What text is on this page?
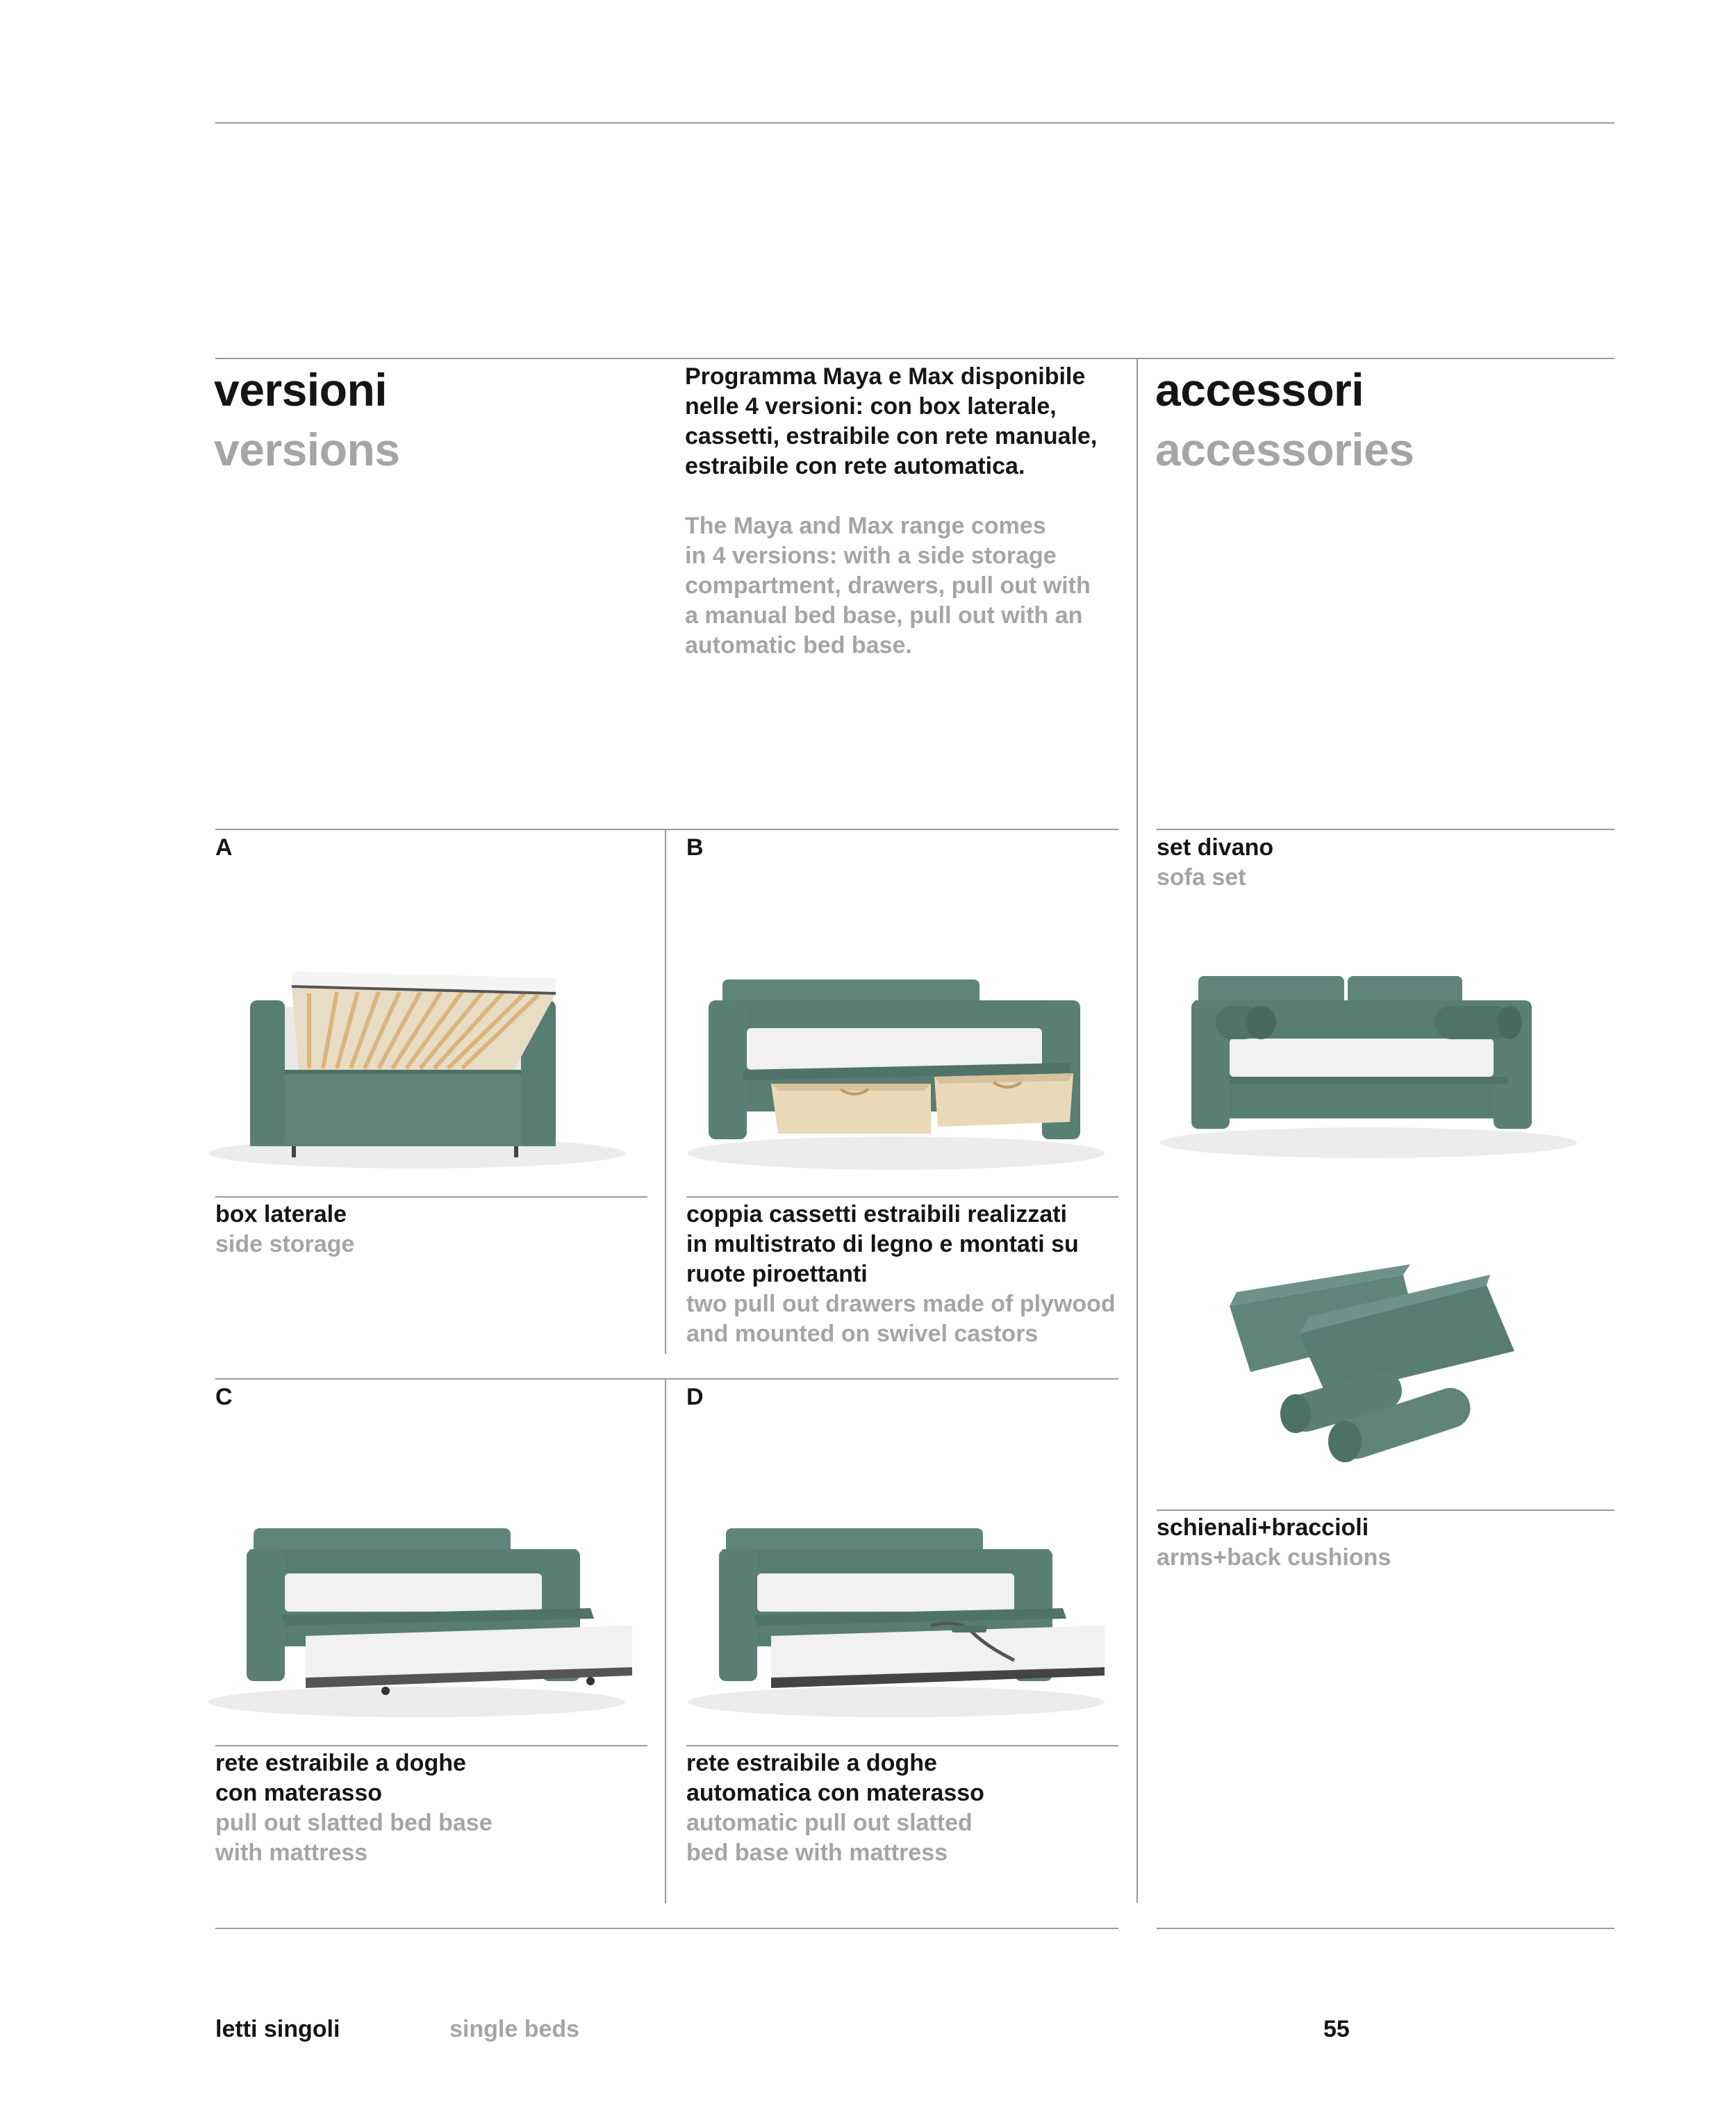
versioni
versions
accessori
accessories
Programma Maya e Max disponibile
nelle 4 versioni: con box laterale,
cassetti, estraibile con rete manuale,
estraibile con rete automatica.
The Maya and Max range comes
in 4 versions: with a side storage
compartment, drawers, pull out with
a manual bed base, pull out with an
automatic bed base.
A	B
C	D
box laterale
side storage
coppia cassetti estraibili realizzati
in multistrato di legno e montati su
ruote piroettanti
two pull out drawers made of plywood
and mounted on swivel castors
rete estraibile a doghe
con materasso
pull out slatted bed base
with mattress
rete estraibile a doghe
automatica con materasso
automatic pull out slatted
bed base with mattress
set divano
sofa set
schienali+braccioli
arms+back cushions
letti singoli	single beds	55
